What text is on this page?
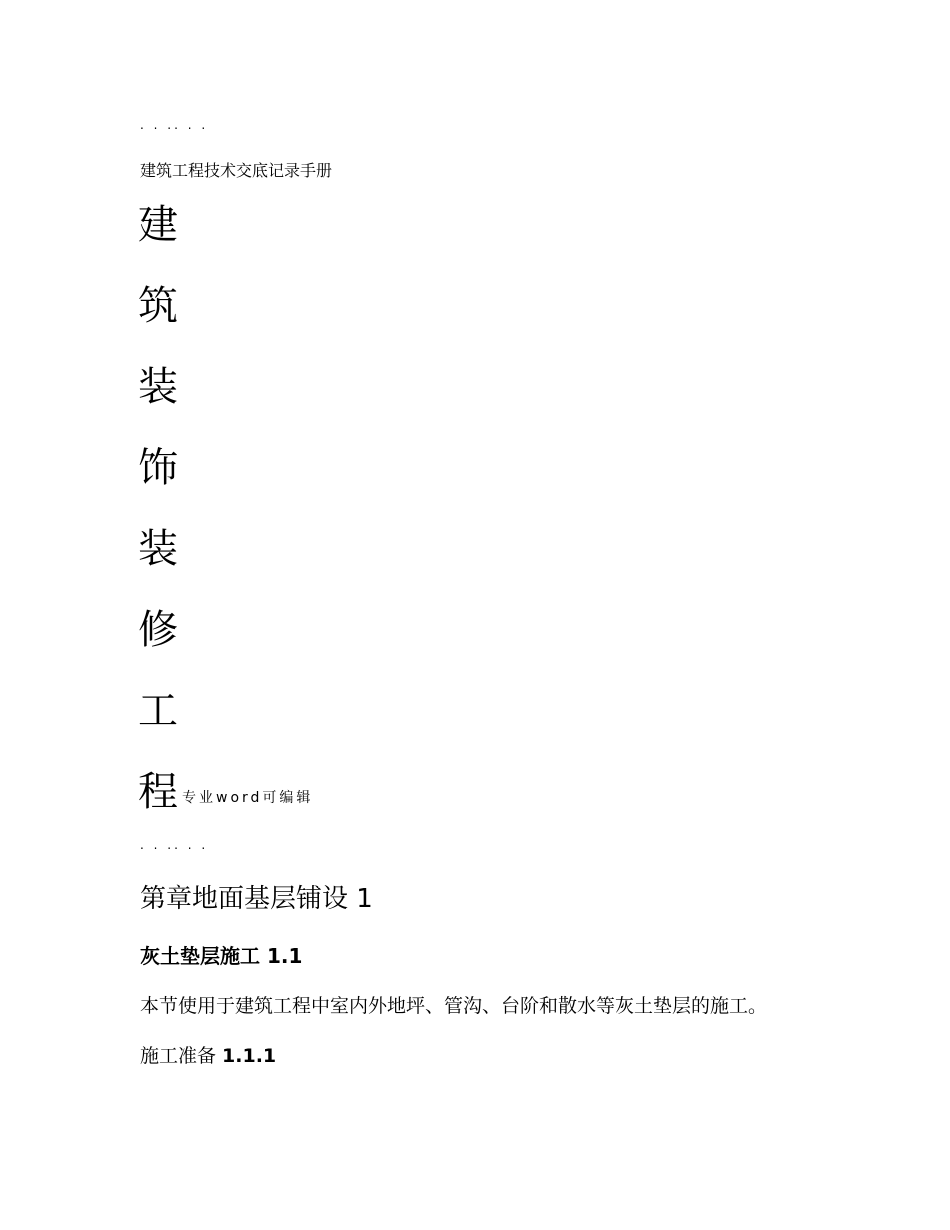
. . .. . .
建筑工程技术交底记录手册
建
筑
装
饰
装
修
工
程 专业word可编辑
. . .. . .
第章地面基层铺设 1
灰土垫层施工 1.1
本节使用于建筑工程中室内外地坪、管沟、台阶和散水等灰土垫层的施工。
施工准备 1.1.1
